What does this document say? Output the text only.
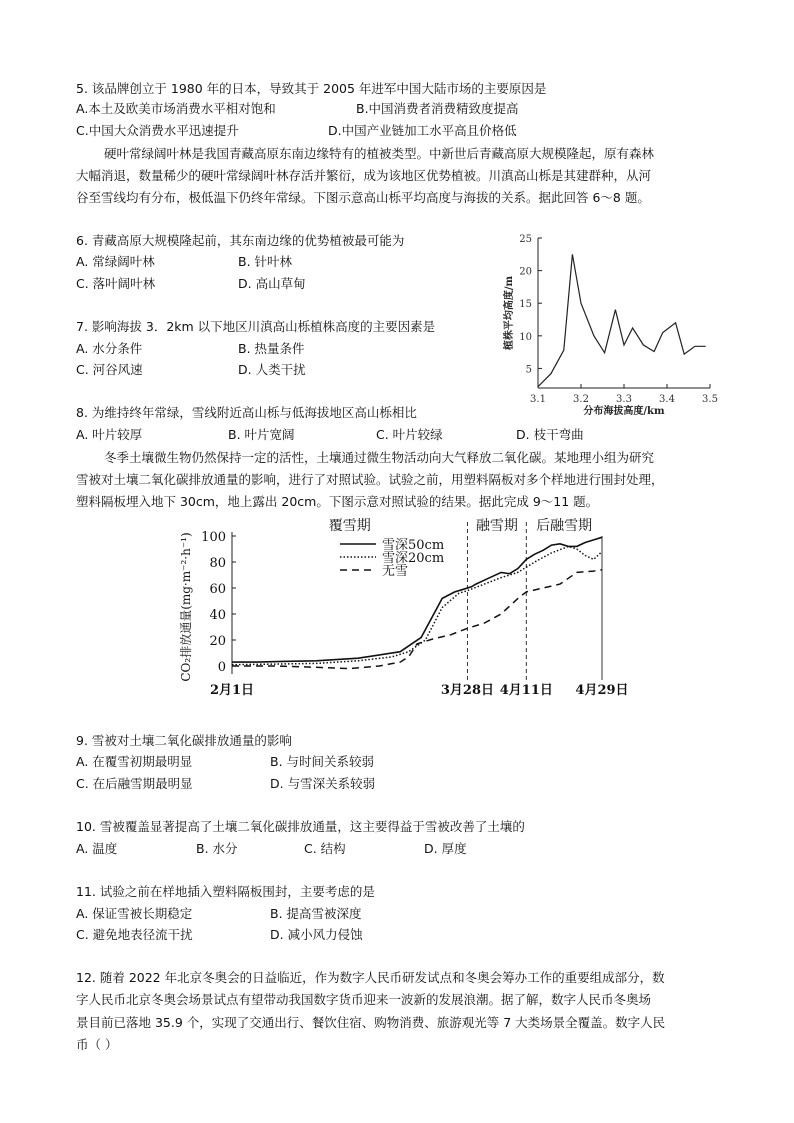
5. 该品牌创立于 1980 年的日本，导致其于 2005 年进军中国大陆市场的主要原因是
A.本土及欧美市场消费水平相对饱和	B.中国消费者消费精致度提高
C.中国大众消费水平迅速提升	D.中国产业链加工水平高且价格低
硬叶常绿阔叶林是我国青藏高原东南边缘特有的植被类型。中新世后青藏高原大规模隆起，原有森林
大幅消退，数量稀少的硬叶常绿阔叶林存活并繁衍，成为该地区优势植被。川滇高山栎是其建群种，从河
谷至雪线均有分布，极低温下仍终年常绿。下图示意高山栎平均高度与海拔的关系。据此回答 6～8 题。
6. 青藏高原大规模隆起前，其东南边缘的优势植被最可能为
A. 常绿阔叶林	B. 针叶林
C. 落叶阔叶林	D. 高山草甸
7. 影响海拔 3．2km 以下地区川滇高山栎植株高度的主要因素是
A. 水分条件	B. 热量条件
C. 河谷风速	D. 人类干扰	5
10
15
20
25
3.1	3.2	3.3	3.4	3.5
分布海拔高度/km
植株平均高度/m
8. 为维持终年常绿，雪线附近高山栎与低海拔地区高山栎相比
A. 叶片较厚	B. 叶片宽阔	C. 叶片较绿	D. 枝干弯曲
冬季土壤微生物仍然保持一定的活性，土壤通过微生物活动向大气释放二氧化碳。某地理小组为研究
雪被对土壤二氧化碳排放通量的影响，进行了对照试验。试验之前，用塑料隔板对多个样地进行围封处理，
塑料隔板埋入地下 30cm，地上露出 20cm。下图示意对照试验的结果。据此完成 9～11 题。
0
20
40
60
80
100
CO₂排放通量(mg·m⁻²·h⁻¹)
2月1日	3月28日 4月11日 4月29日
覆雪期	融雪期 后融雪期
雪深50cm
雪深20cm
无雪
9. 雪被对土壤二氧化碳排放通量的影响
A. 在覆雪初期最明显	B. 与时间关系较弱
C. 在后融雪期最明显	D. 与雪深关系较弱
10. 雪被覆盖显著提高了土壤二氧化碳排放通量，这主要得益于雪被改善了土壤的
A. 温度	B. 水分	C. 结构	D. 厚度
11. 试验之前在样地插入塑料隔板围封，主要考虑的是
A. 保证雪被长期稳定	B. 提高雪被深度
C. 避免地表径流干扰	D. 减小风力侵蚀
12. 随着 2022 年北京冬奥会的日益临近，作为数字人民币研发试点和冬奥会筹办工作的重要组成部分，数
字人民币北京冬奥会场景试点有望带动我国数字货币迎来一波新的发展浪潮。据了解，数字人民币冬奥场
景目前已落地 35.9 个，实现了交通出行、餐饮住宿、购物消费、旅游观光等 7 大类场景全覆盖。数字人民
币（ ）
